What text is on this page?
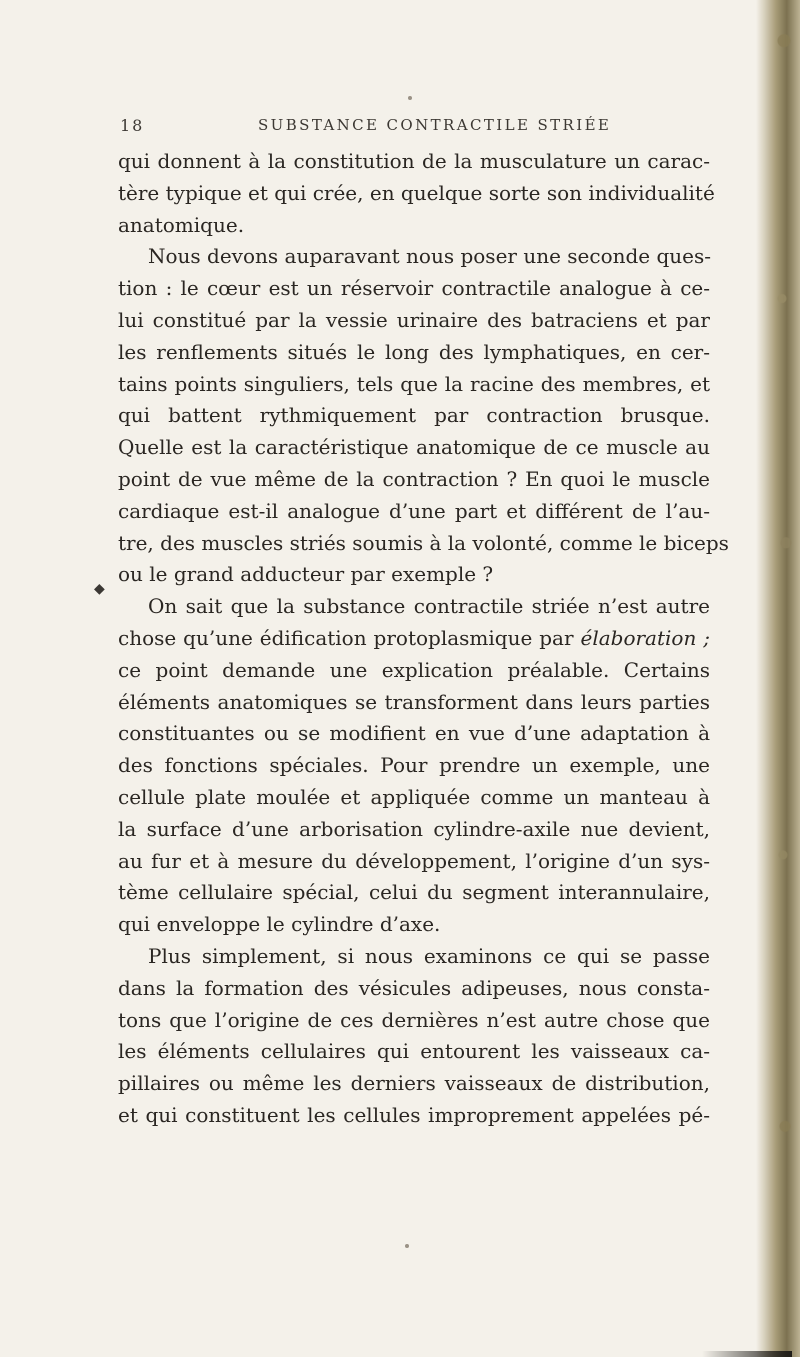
18	SUBSTANCE CONTRACTILE STRIÉE
◆
qui donnent à la constitution de la musculature un carac-
tère typique et qui crée, en quelque sorte son individualité
anatomique.
Nous devons auparavant nous poser une seconde ques-
tion : le cœur est un réservoir contractile analogue à ce-
lui constitué par la vessie urinaire des batraciens et par
les renflements situés le long des lymphatiques, en cer-
tains points singuliers, tels que la racine des membres, et
qui battent rythmiquement par contraction brusque.
Quelle est la caractéristique anatomique de ce muscle au
point de vue même de la contraction ? En quoi le muscle
cardiaque est-il analogue d’une part et différent de l’au-
tre, des muscles striés soumis à la volonté, comme le biceps
ou le grand adducteur par exemple ?
On sait que la substance contractile striée n’est autre
chose qu’une édification protoplasmique par élaboration ;
ce point demande une explication préalable. Certains
éléments anatomiques se transforment dans leurs parties
constituantes ou se modifient en vue d’une adaptation à
des fonctions spéciales. Pour prendre un exemple, une
cellule plate moulée et appliquée comme un manteau à
la surface d’une arborisation cylindre-axile nue devient,
au fur et à mesure du développement, l’origine d’un sys-
tème cellulaire spécial, celui du segment interannulaire,
qui enveloppe le cylindre d’axe.
Plus simplement, si nous examinons ce qui se passe
dans la formation des vésicules adipeuses, nous consta-
tons que l’origine de ces dernières n’est autre chose que
les éléments cellulaires qui entourent les vaisseaux ca-
pillaires ou même les derniers vaisseaux de distribution,
et qui constituent les cellules improprement appelées pé-
